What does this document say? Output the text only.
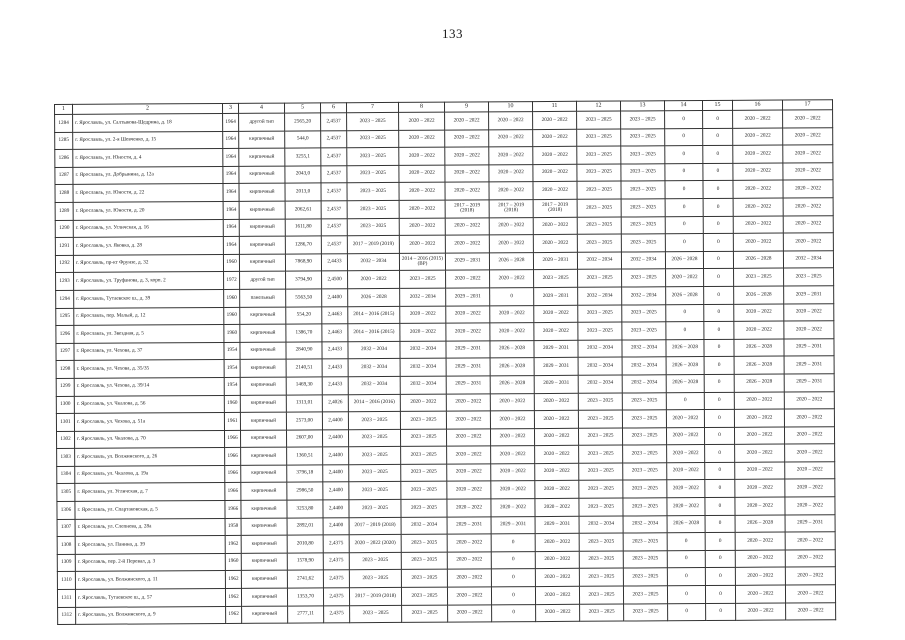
133
1	2	3	4	5	6	7	8	9	10	11	12	13	14	15	16	17
1284	г. Ярославль, ул. Салтыкова-Щедрина, д. 18	1964	другой тип	2565,20	2,4537	2023 – 2025	2020 – 2022	2020 – 2022	2020 – 2022	2020 – 2022	2023 – 2025	2023 – 2025	0	0	2020 – 2022	2020 – 2022
1285	г. Ярославль, ул. 2-я Шевченко, д. 15	1964	кирпичный	544,0	2,4537	2023 – 2025	2020 – 2022	2020 – 2022	2020 – 2022	2020 – 2022	2023 – 2025	2023 – 2025	0	0	2020 – 2022	2020 – 2022
1286	г. Ярославль, ул. Юности, д. 4	1964	кирпичный	3255,1	2,4537	2023 – 2025	2020 – 2022	2020 – 2022	2020 – 2022	2020 – 2022	2023 – 2025	2023 – 2025	0	0	2020 – 2022	2020 – 2022
1287	г. Ярославль, ул. Добрынина, д. 12а	1964	кирпичный	2043,0	2,4537	2023 – 2025	2020 – 2022	2020 – 2022	2020 – 2022	2020 – 2022	2023 – 2025	2023 – 2025	0	0	2020 – 2022	2020 – 2022
1288	г. Ярославль, ул. Юности, д. 22	1964	кирпичный	2013,0	2,4537	2023 – 2025	2020 – 2022	2020 – 2022	2020 – 2022	2020 – 2022	2023 – 2025	2023 – 2025	0	0	2020 – 2022	2020 – 2022
1289	г. Ярославль, ул. Юности, д. 20	1964	кирпичный	2062,61	2,4537	2023 – 2025	2020 – 2022	2017 – 2019 (2018)	2017 – 2019 (2018)	2017 – 2019 (2018)	2023 – 2025	2023 – 2025	0	0	2020 – 2022	2020 – 2022
1290	г. Ярославль, ул. Угличская, д. 16	1964	кирпичный	1611,80	2,4537	2023 – 2025	2020 – 2022	2020 – 2022	2020 – 2022	2020 – 2022	2023 – 2025	2023 – 2025	0	0	2020 – 2022	2020 – 2022
1291	г. Ярославль, ул. Яковка, д. 28	1964	кирпичный	1286,70	2,4537	2017 – 2019 (2019)	2020 – 2022	2020 – 2022	2020 – 2022	2020 – 2022	2023 – 2025	2023 – 2025	0	0	2020 – 2022	2020 – 2022
1292	г. Ярославль, пр-кт Фрунзе, д. 32	1960	кирпичный	7868,90	2,4433	2032 – 2034	2014 – 2016 (2015)(ВР)	2029 – 2031	2026 – 2028	2029 – 2031	2032 – 2034	2032 – 2034	2026 – 2028	0	2026 – 2028	2032 – 2034
1293	г. Ярославль, ул. Труфанова, д. 3, корп. 2	1972	другой тип	3794,90	2,4500	2020 – 2022	2023 – 2025	2020 – 2022	2020 – 2022	2023 – 2025	2023 – 2025	2023 – 2025	2020 – 2022	0	2023 – 2025	2023 – 2025
1294	г. Ярославль, Тутаевское ш., д. 39	1960	панельный	5563,50	2,4400	2026 – 2028	2032 – 2034	2029 – 2031	0	2029 – 2031	2032 – 2034	2032 – 2034	2026 – 2028	0	2026 – 2028	2029 – 2031
1295	г. Ярославль, пер. Малый, д. 12	1960	кирпичный	554,20	2,4463	2014 – 2016 (2015)	2020 – 2022	2020 – 2022	2020 – 2022	2020 – 2022	2023 – 2025	2023 – 2025	0	0	2020 – 2022	2020 – 2022
1296	г. Ярославль, ул. Звездная, д. 5	1960	кирпичный	1386,70	2,4463	2014 – 2016 (2015)	2020 – 2022	2020 – 2022	2020 – 2022	2020 – 2022	2023 – 2025	2023 – 2025	0	0	2020 – 2022	2020 – 2022
1297	г. Ярославль, ул. Чехова, д. 37	1954	кирпичный	2840,90	2,4433	2032 – 2034	2032 – 2034	2029 – 2031	2026 – 2028	2029 – 2031	2032 – 2034	2032 – 2034	2026 – 2028	0	2026 – 2028	2029 – 2031
1298	г. Ярославль, ул. Чехова, д. 35/35	1954	кирпичный	2140,51	2,4433	2032 – 2034	2032 – 2034	2029 – 2031	2026 – 2028	2029 – 2031	2032 – 2034	2032 – 2034	2026 – 2028	0	2026 – 2028	2029 – 2031
1299	г. Ярославль, ул. Чехова, д. 39/14	1954	кирпичный	1469,30	2,4433	2032 – 2034	2032 – 2034	2029 – 2031	2026 – 2028	2029 – 2031	2032 – 2034	2032 – 2034	2026 – 2028	0	2026 – 2028	2029 – 2031
1300	г. Ярославль, ул. Чкалова, д. 56	1960	кирпичный	1313,01	2,4026	2014 – 2016 (2016)	2020 – 2022	2020 – 2022	2020 – 2022	2020 – 2022	2023 – 2025	2023 – 2025	0	0	2020 – 2022	2020 – 2022
1301	г. Ярославль, ул. Чехова, д. 51а	1961	кирпичный	2573,00	2,4400	2023 – 2025	2023 – 2025	2020 – 2022	2020 – 2022	2020 – 2022	2023 – 2025	2023 – 2025	2020 – 2022	0	2020 – 2022	2020 – 2022
1302	г. Ярославль, ул. Чкалова, д. 70	1966	кирпичный	2607,00	2,4400	2023 – 2025	2023 – 2025	2020 – 2022	2020 – 2022	2020 – 2022	2023 – 2025	2023 – 2025	2020 – 2022	0	2020 – 2022	2020 – 2022
1303	г. Ярославль, ул. Волжинского, д. 26	1966	кирпичный	1360,51	2,4400	2023 – 2025	2023 – 2025	2020 – 2022	2020 – 2022	2020 – 2022	2023 – 2025	2023 – 2025	2020 – 2022	0	2020 – 2022	2020 – 2022
1304	г. Ярославль, ул. Чкалова, д. 19а	1966	кирпичный	3796,18	2,4400	2023 – 2025	2023 – 2025	2020 – 2022	2020 – 2022	2020 – 2022	2023 – 2025	2023 – 2025	2020 – 2022	0	2020 – 2022	2020 – 2022
1305	г. Ярославль, ул. Угличская, д. 7	1966	кирпичный	2986,50	2,4400	2023 – 2025	2023 – 2025	2020 – 2022	2020 – 2022	2020 – 2022	2023 – 2025	2023 – 2025	2020 – 2022	0	2020 – 2022	2020 – 2022
1306	г. Ярославль, ул. Спартаковская, д. 5	1966	кирпичный	3253,80	2,4400	2023 – 2025	2023 – 2025	2020 – 2022	2020 – 2022	2020 – 2022	2023 – 2025	2023 – 2025	2020 – 2022	0	2020 – 2022	2020 – 2022
1307	г. Ярославль, ул. Слепнева, д. 28а	1958	кирпичный	2892,01	2,4400	2017 – 2019 (2018)	2032 – 2034	2029 – 2031	2029 – 2031	2029 – 2031	2032 – 2034	2032 – 2034	2026 – 2028	0	2026 – 2028	2029 – 2031
1308	г. Ярославль, ул. Панина, д. 39	1962	кирпичный	2010,80	2,4375	2020 – 2022 (2020)	2023 – 2025	2020 – 2022	0	2020 – 2022	2023 – 2025	2023 – 2025	0	0	2020 – 2022	2020 – 2022
1309	г. Ярославль, пер. 2-й Перевал, д. 3	1960	кирпичный	1578,90	2,4375	2023 – 2025	2023 – 2025	2020 – 2022	0	2020 – 2022	2023 – 2025	2023 – 2025	0	0	2020 – 2022	2020 – 2022
1310	г. Ярославль, ул. Волжинского, д. 11	1962	кирпичный	2741,62	2,4375	2023 – 2025	2023 – 2025	2020 – 2022	0	2020 – 2022	2023 – 2025	2023 – 2025	0	0	2020 – 2022	2020 – 2022
1311	г. Ярославль, Тутаевское ш., д. 57	1962	кирпичный	1353,70	2,4375	2017 – 2019 (2018)	2023 – 2025	2020 – 2022	0	2020 – 2022	2023 – 2025	2023 – 2025	0	0	2020 – 2022	2020 – 2022
1312	г. Ярославль, ул. Волжинского, д. 9	1962	кирпичный	2777,11	2,4375	2023 – 2025	2023 – 2025	2020 – 2022	0	2020 – 2022	2023 – 2025	2023 – 2025	0	0	2020 – 2022	2020 – 2022
